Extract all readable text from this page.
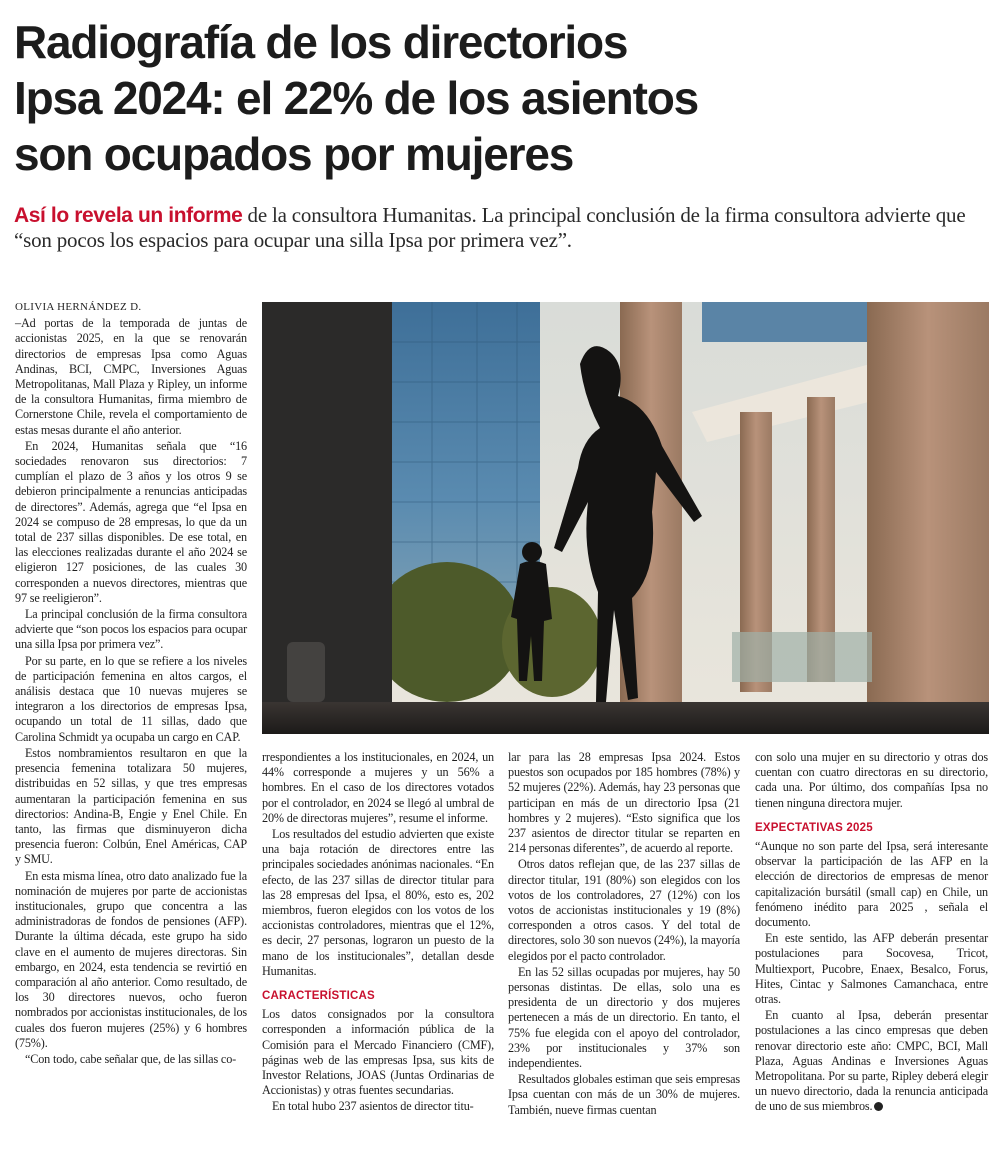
Radiografía de los directorios
Ipsa 2024: el 22% de los asientos
son ocupados por mujeres

Así lo revela un informe de la consultora Humanitas. La principal conclusión de la firma consultora advierte que “son pocos los espacios para ocupar una silla Ipsa por primera vez”.

OLIVIA HERNÁNDEZ D.

–Ad portas de la temporada de juntas de accionistas 2025, en la que se renovarán directorios de empresas Ipsa como Aguas Andinas, BCI, CMPC, Inversiones Aguas Metropolitanas, Mall Plaza y Ripley, un informe de la consultora Humanitas, firma miembro de Cornerstone Chile, revela el comportamiento de estas mesas durante el año anterior.

En 2024, Humanitas señala que “16 sociedades renovaron sus directorios: 7 cumplían el plazo de 3 años y los otros 9 se debieron principalmente a renuncias anticipadas de directores”. Además, agrega que “el Ipsa en 2024 se compuso de 28 empresas, lo que da un total de 237 sillas disponibles. De ese total, en las elecciones realizadas durante el año 2024 se eligieron 127 posiciones, de las cuales 30 corresponden a nuevos directores, mientras que 97 se reeligieron”.

La principal conclusión de la firma consultora advierte que “son pocos los espacios para ocupar una silla Ipsa por primera vez”.

Por su parte, en lo que se refiere a los niveles de participación femenina en altos cargos, el análisis destaca que 10 nuevas mujeres se integraron a los directorios de empresas Ipsa, ocupando un total de 11 sillas, dado que Carolina Schmidt ya ocupaba un cargo en CAP.

Estos nombramientos resultaron en que la presencia femenina totalizara 50 mujeres, distribuidas en 52 sillas, y que tres empresas aumentaran la participación femenina en sus directorios: Andina-B, Engie y Enel Chile. En tanto, las firmas que disminuyeron dicha presencia fueron: Colbún, Enel Américas, CAP y SMU.

En esta misma línea, otro dato analizado fue la nominación de mujeres por parte de accionistas institucionales, grupo que concentra a las administradoras de fondos de pensiones (AFP). Durante la última década, este grupo ha sido clave en el aumento de mujeres directoras. Sin embargo, en 2024, esta tendencia se revirtió en comparación al año anterior. Como resultado, de los 30 directores nuevos, ocho fueron nombrados por accionistas institucionales, de los cuales dos fueron mujeres (25%) y 6 hombres (75%).

“Con todo, cabe señalar que, de las sillas co-

rrespondientes a los institucionales, en 2024, un 44% corresponde a mujeres y un 56% a hombres. En el caso de los directores votados por el controlador, en 2024 se llegó al umbral de 20% de directoras mujeres”, resume el informe.

Los resultados del estudio advierten que existe una baja rotación de directores entre las principales sociedades anónimas nacionales. “En efecto, de las 237 sillas de director titular para las 28 empresas del Ipsa, el 80%, esto es, 202 miembros, fueron elegidos con los votos de los accionistas controladores, mientras que el 12%, es decir, 27 personas, lograron un puesto de la mano de los institucionales”, detallan desde Humanitas.

CARACTERÍSTICAS

Los datos consignados por la consultora corresponden a información pública de la Comisión para el Mercado Financiero (CMF), páginas web de las empresas Ipsa, sus kits de Investor Relations, JOAS (Juntas Ordinarias de Accionistas) y otras fuentes secundarias.

En total hubo 237 asientos de director titu-

lar para las 28 empresas Ipsa 2024. Estos puestos son ocupados por 185 hombres (78%) y 52 mujeres (22%). Además, hay 23 personas que participan en más de un directorio Ipsa (21 hombres y 2 mujeres). “Esto significa que los 237 asientos de director titular se reparten en 214 personas diferentes”, de acuerdo al reporte.

Otros datos reflejan que, de las 237 sillas de director titular, 191 (80%) son elegidos con los votos de los controladores, 27 (12%) con los votos de accionistas institucionales y 19 (8%) corresponden a otros casos. Y del total de directores, solo 30 son nuevos (24%), la mayoría elegidos por el pacto controlador.

En las 52 sillas ocupadas por mujeres, hay 50 personas distintas. De ellas, solo una es presidenta de un directorio y dos mujeres pertenecen a más de un directorio. En tanto, el 75% fue elegida con el apoyo del controlador, 23% por institucionales y 37% son independientes.

Resultados globales estiman que seis empresas Ipsa cuentan con más de un 30% de mujeres. También, nueve firmas cuentan

con solo una mujer en su directorio y otras dos cuentan con cuatro directoras en su directorio, cada una. Por último, dos compañías Ipsa no tienen ninguna directora mujer.

EXPECTATIVAS 2025

“Aunque no son parte del Ipsa, será interesante observar la participación de las AFP en la elección de directorios de empresas de menor capitalización bursátil (small cap) en Chile, un fenómeno inédito para 2025 , señala el documento.

En este sentido, las AFP deberán presentar postulaciones para Socovesa, Tricot, Multiexport, Pucobre, Enaex, Besalco, Forus, Hites, Cintac y Salmones Camanchaca, entre otras.

En cuanto al Ipsa, deberán presentar postulaciones a las cinco empresas que deben renovar directorio este año: CMPC, BCI, Mall Plaza, Aguas Andinas e Inversiones Aguas Metropolitana. Por su parte, Ripley deberá elegir un nuevo directorio, dada la renuncia anticipada de uno de sus miembros.
